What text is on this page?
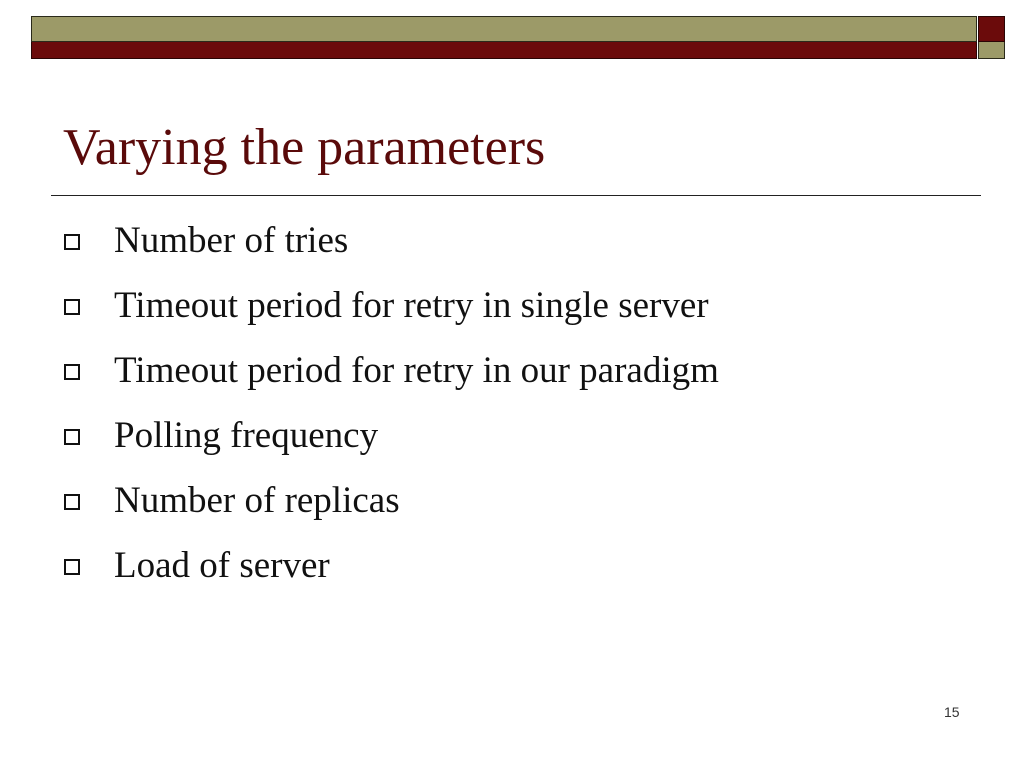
Varying the parameters
Number of tries
Timeout period for retry in single server
Timeout period for retry in our paradigm
Polling frequency
Number of replicas
Load of server
15
